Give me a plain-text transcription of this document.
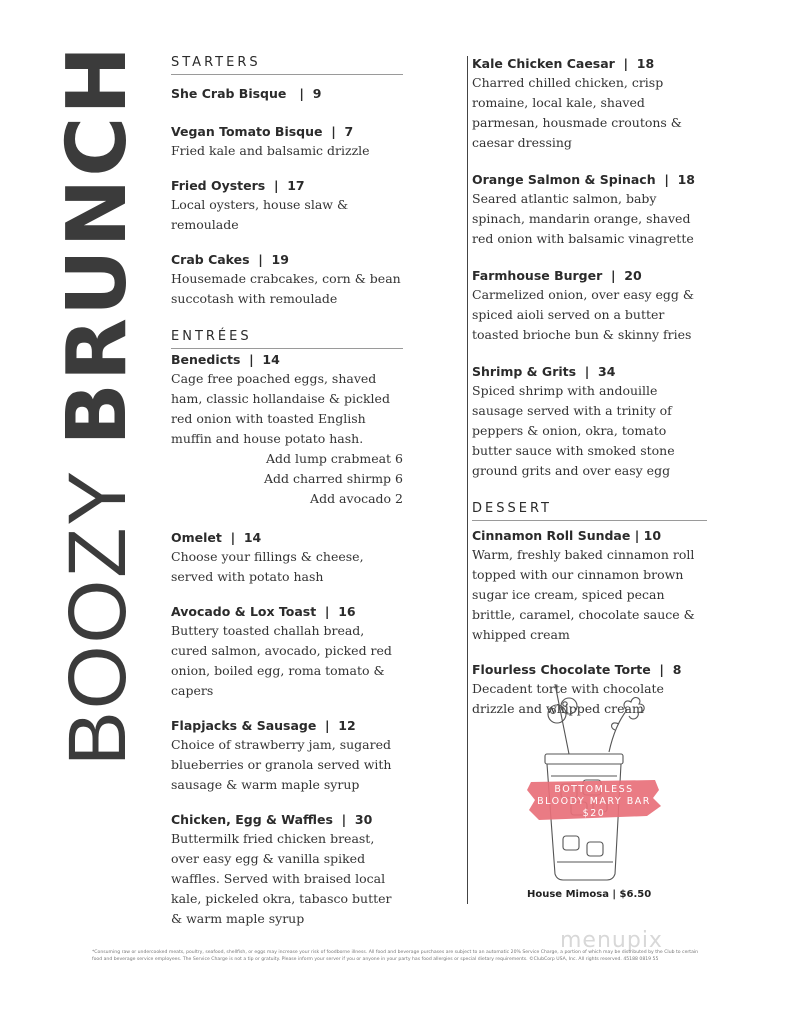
BOOZY BRUNCH STARTERS
She Crab Bisque   |  9
Vegan Tomato Bisque  |  7
Fried kale and balsamic drizzle
Fried Oysters  |  17
Local oysters, house slaw & remoulade
Crab Cakes  |  19
Housemade crabcakes, corn & bean succotash with remoulade
ENTRÉES
Benedicts  |  14
Cage free poached eggs, shaved ham, classic hollandaise & pickled red onion with toasted English muffin and house potato hash.
Add lump crabmeat 6
Add charred shirmp 6
Add avocado 2
Omelet  |  14
Choose your fillings & cheese, served with potato hash
Avocado & Lox Toast  |  16
Buttery toasted challah bread, cured salmon, avocado, picked red onion, boiled egg, roma tomato & capers
Flapjacks & Sausage  |  12
Choice of strawberry jam, sugared blueberries or granola served with sausage & warm maple syrup
Chicken, Egg & Waffles  |  30
Buttermilk fried chicken breast, over easy egg & vanilla spiked waffles. Served with braised local kale, pickeled okra, tabasco butter & warm maple syrup
Kale Chicken Caesar  |  18
Charred chilled chicken, crisp romaine, local kale, shaved parmesan, housmade croutons & caesar dressing
Orange Salmon & Spinach  |  18
Seared atlantic salmon, baby spinach, mandarin orange, shaved red onion with balsamic vinagrette
Farmhouse Burger  |  20
Carmelized onion, over easy egg & spiced aioli served on a butter toasted brioche bun & skinny fries
Shrimp & Grits  |  34
Spiced shrimp with andouille sausage served with a trinity of peppers & onion, okra, tomato butter sauce with smoked stone ground grits and over easy egg
DESSERT
Cinnamon Roll Sundae | 10
Warm, freshly baked cinnamon roll topped with our cinnamon brown sugar ice cream, spiced pecan brittle, caramel, chocolate sauce & whipped cream
Flourless Chocolate Torte  |  8
Decadent torte with chocolate drizzle and whipped cream
BOTTOMLESS
BLOODY MARY BAR
$20
House Mimosa | $6.50
menupix
*Consuming raw or undercooked meats, poultry, seafood, shellfish, or eggs may increase your risk of foodborne illness. All food and beverage purchases are subject to an automatic 20% Service Charge, a portion of which may be distributed by the Club to certain food and beverage service employees. The Service Charge is not a tip or gratuity. Please inform your server if you or anyone in your party has food allergies or special dietary requirements. ©ClubCorp USA, Inc. All rights reserved. 45188 0819 55
